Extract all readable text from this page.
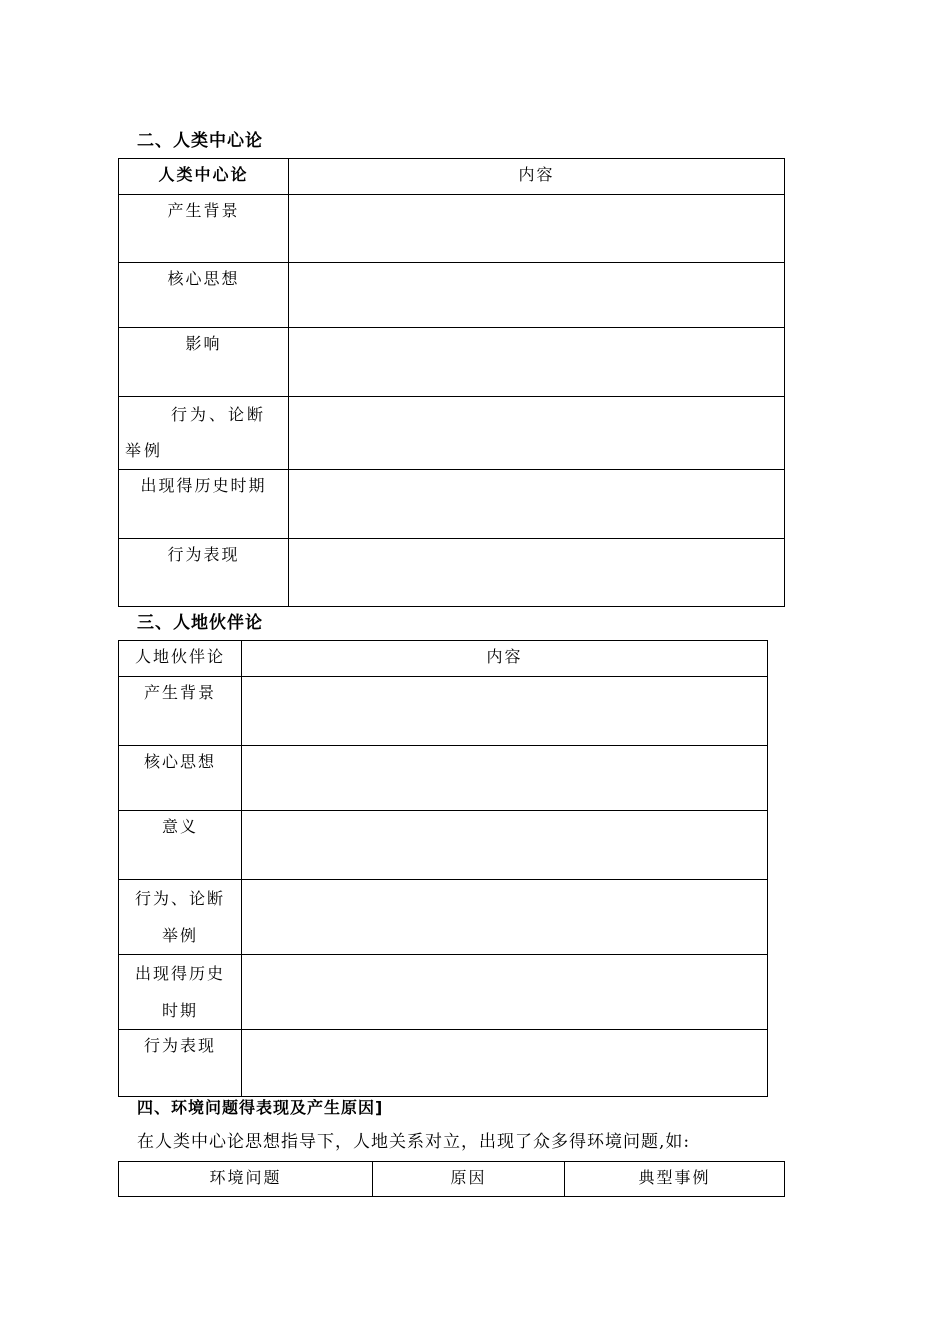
二、人类中心论
人类中心论	内容
产生背景	
核心思想	
影响	

行为、论断
举例	

出现得历史时期	
行为表现	
三、人地伙伴论
人地伙伴论	内容
产生背景	
核心思想	
意义	

行为、论断
举例	

出现得历史
时期	

行为表现	
四、环境问题得表现及产生原因]
在人类中心论思想指导下，人地关系对立，出现了众多得环境问题,如:
环境问题	原因	典型事例
